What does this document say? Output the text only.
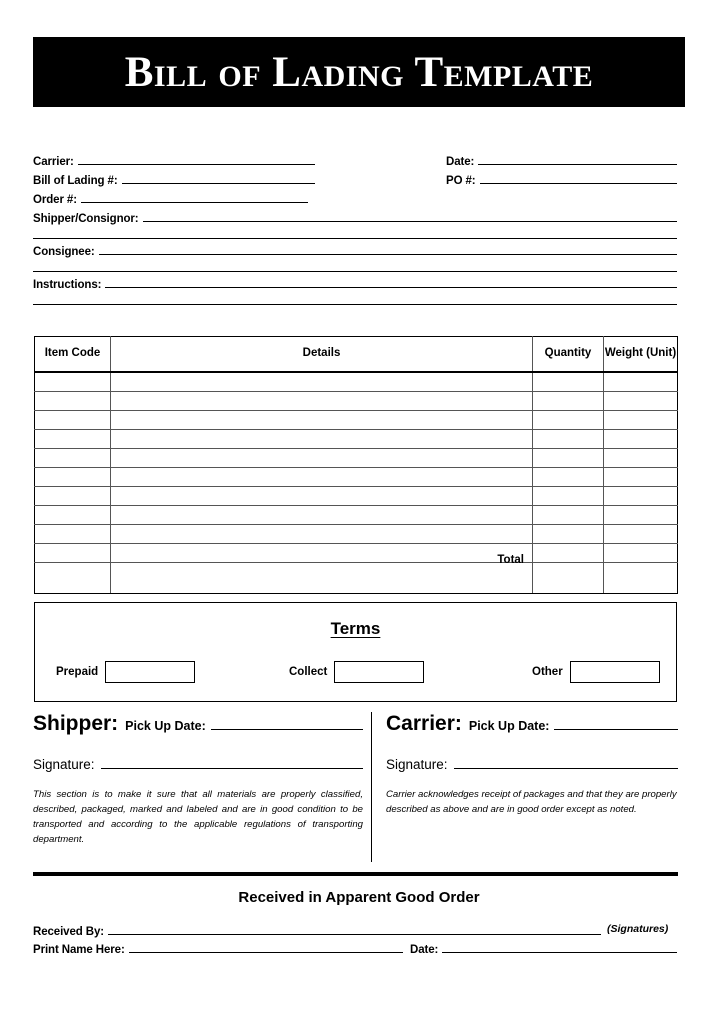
Bill of Lading Template
Carrier:
Bill of Lading #:
Order #:
Date:
PO #:
Shipper/Consignor:
Consignee:
Instructions:
Item Code	Details	Quantity	Weight (Unit)

	Total		

Terms
Prepaid	Collect	Other
Shipper: Pick Up Date:
Signature:
This section is to make it sure that all materials are properly classified, described, packaged, marked and labeled and are in good condition to be transported and according to the applicable regulations of transporting department.
Carrier: Pick Up Date:
Signature:
Carrier acknowledges receipt of packages and that they are properly described as above and are in good order except as noted.
Received in Apparent Good Order
Received By:	(Signatures)
Print Name Here:	Date:
